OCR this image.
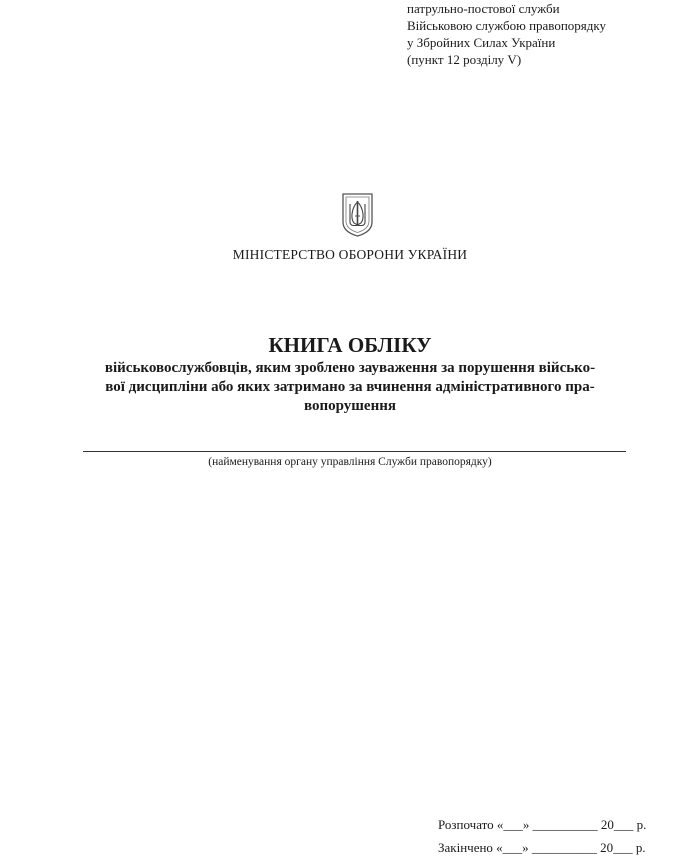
патрульно-постової служби
Військовою службою правопорядку
у Збройних Силах України
(пункт 12 розділу V)
МІНІСТЕРСТВО ОБОРОНИ УКРАЇНИ
КНИГА ОБЛІКУ
військовослужбовців, яким зроблено зауваження за порушення військо-
вої дисципліни або яких затримано за вчинення адміністративного пра-
вопорушення
(найменування органу управління Служби правопорядку)
Розпочато «___» __________ 20___ р.
Закінчено «___» __________ 20___ р.
